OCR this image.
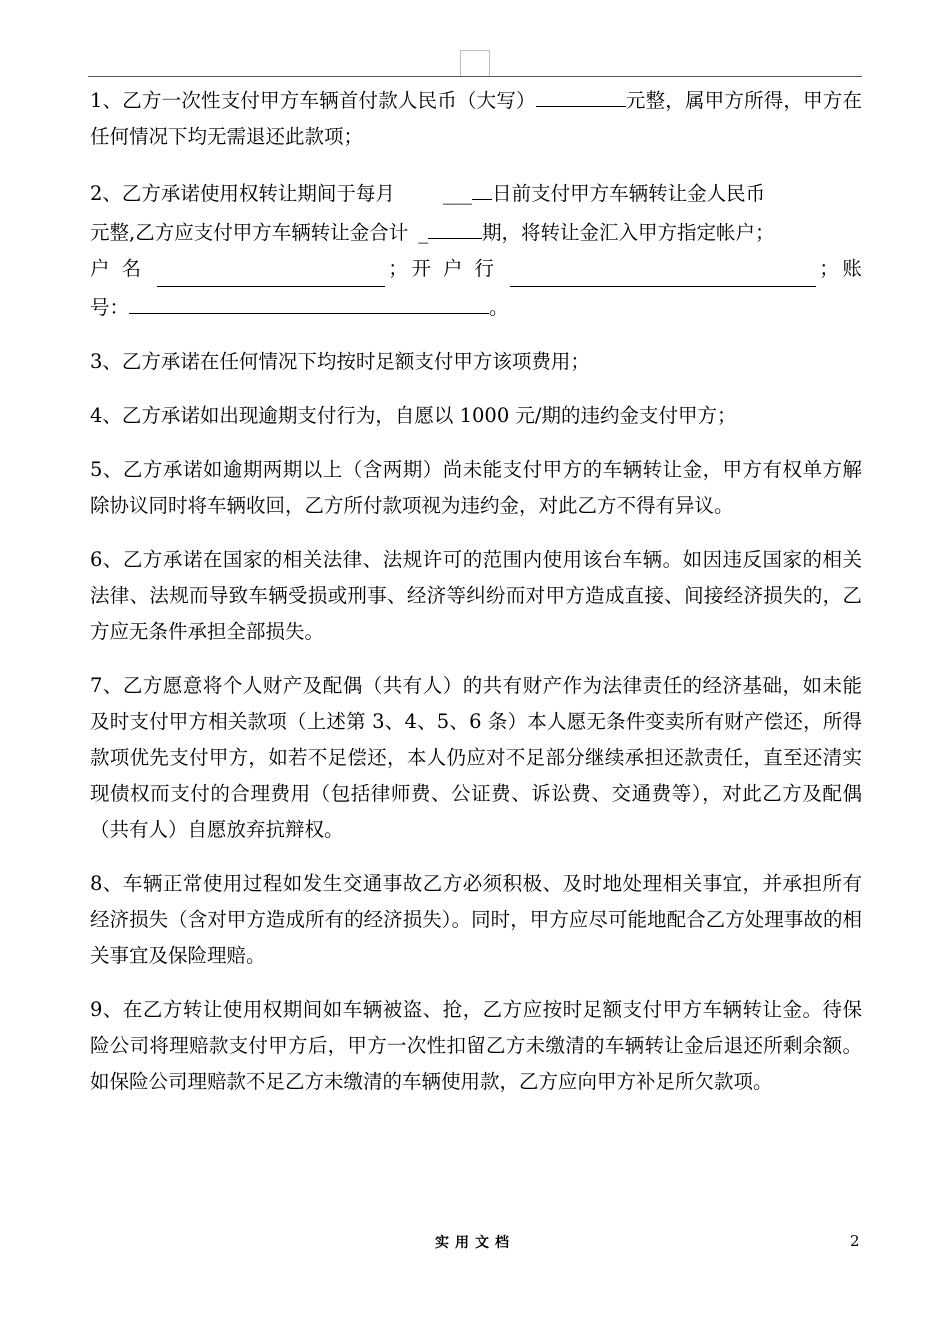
1、乙方一次性支付甲方车辆首付款人民币（大写）	元整，属甲方所得，甲方在任何情况下均无需退还此款项；

2、乙方承诺使用权转让期间于每月 ___ 日前支付甲方车辆转让金人民币
元整,乙方应支付甲方车辆转让金合计 _	期，将转让金汇入甲方指定帐户；
户名	； 开户行	； 账
号：	。

3、乙方承诺在任何情况下均按时足额支付甲方该项费用；

4、乙方承诺如出现逾期支付行为，自愿以 1000 元/期的违约金支付甲方；

5、乙方承诺如逾期两期以上（含两期）尚未能支付甲方的车辆转让金，甲方有权单方解除协议同时将车辆收回，乙方所付款项视为违约金，对此乙方不得有异议。

6、乙方承诺在国家的相关法律、法规许可的范围内使用该台车辆。如因违反国家的相关法律、法规而导致车辆受损或刑事、经济等纠纷而对甲方造成直接、间接经济损失的，乙方应无条件承担全部损失。

7、乙方愿意将个人财产及配偶（共有人）的共有财产作为法律责任的经济基础，如未能及时支付甲方相关款项（上述第 3、4、5、6 条）本人愿无条件变卖所有财产偿还，所得款项优先支付甲方，如若不足偿还，本人仍应对不足部分继续承担还款责任，直至还清实现债权而支付的合理费用（包括律师费、公证费、诉讼费、交通费等），对此乙方及配偶（共有人）自愿放弃抗辩权。

8、车辆正常使用过程如发生交通事故乙方必须积极、及时地处理相关事宜，并承担所有经济损失（含对甲方造成所有的经济损失）。同时，甲方应尽可能地配合乙方处理事故的相关事宜及保险理赔。

9、在乙方转让使用权期间如车辆被盗、抢，乙方应按时足额支付甲方车辆转让金。待保险公司将理赔款支付甲方后，甲方一次性扣留乙方未缴清的车辆转让金后退还所剩余额。如保险公司理赔款不足乙方未缴清的车辆使用款，乙方应向甲方补足所欠款项。

实用文档	2
